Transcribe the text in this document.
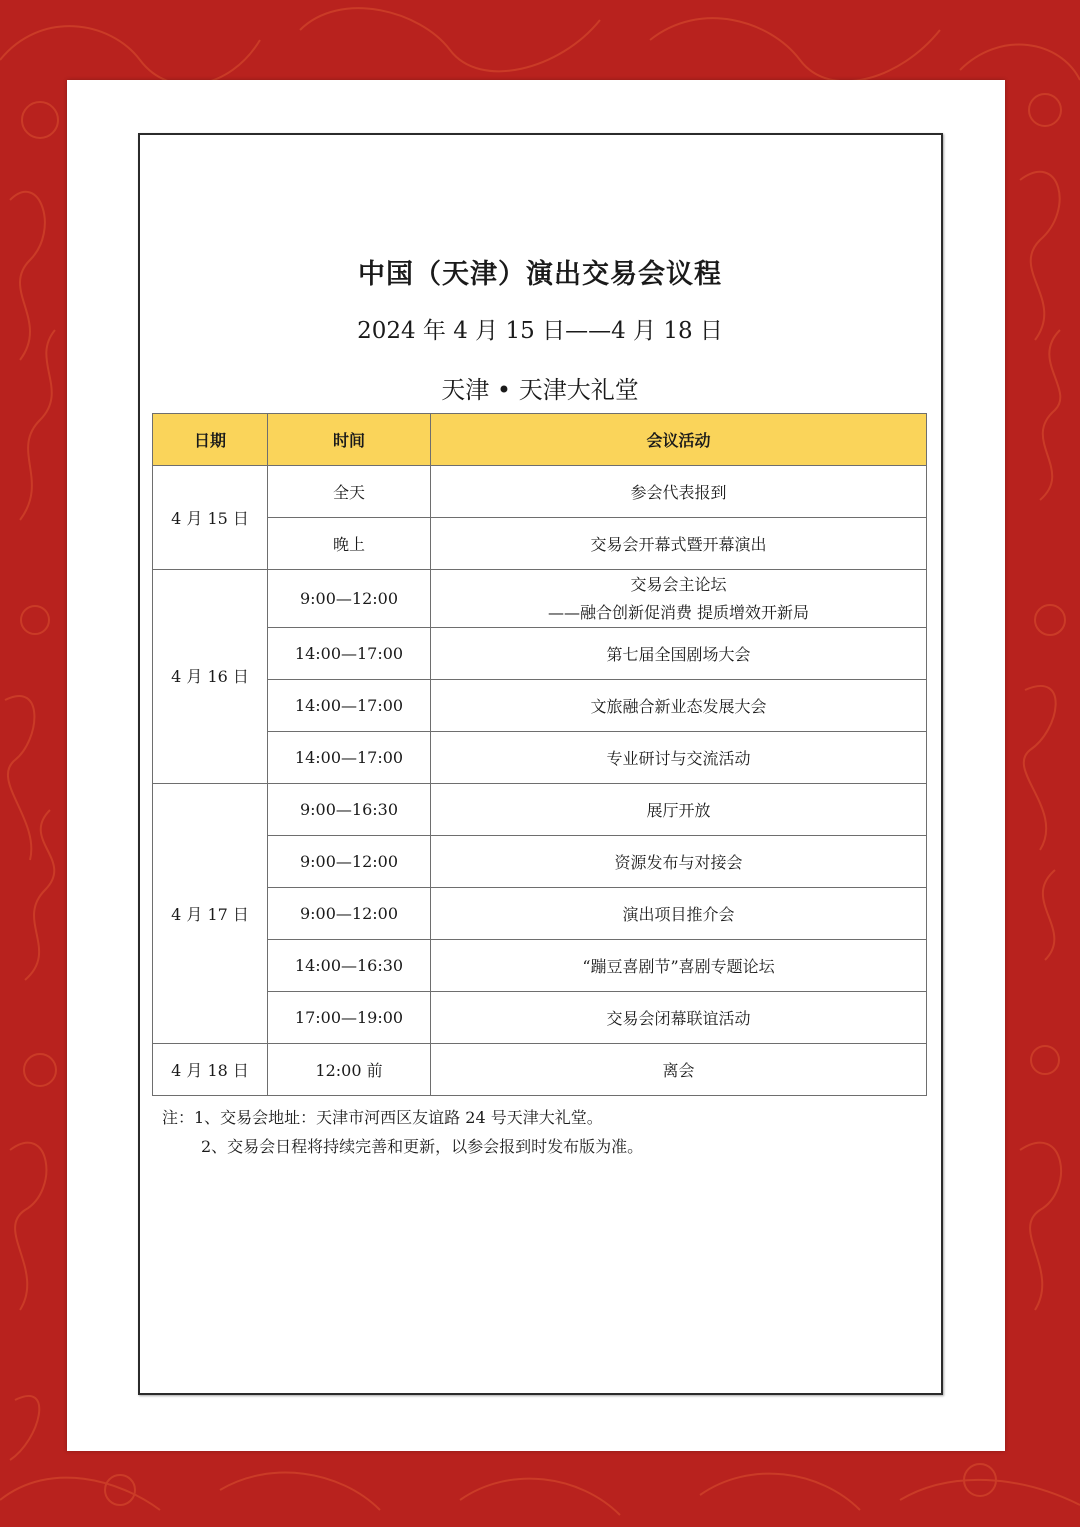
中国（天津）演出交易会议程
2024 年 4 月 15 日——4 月 18 日
天津 • 天津大礼堂
日期	时间	会议活动
4 月 15 日	全天	参会代表报到
	晚上	交易会开幕式暨开幕演出
4 月 16 日	9:00—12:00	交易会主论坛
——融合创新促消费 提质增效开新局

	14:00—17:00	第七届全国剧场大会
	14:00—17:00	文旅融合新业态发展大会
	14:00—17:00	专业研讨与交流活动
4 月 17 日	9:00—16:30	展厅开放
	9:00—12:00	资源发布与对接会
	9:00—12:00	演出项目推介会
	14:00—16:30	“蹦豆喜剧节”喜剧专题论坛
	17:00—19:00	交易会闭幕联谊活动
4 月 18 日	12:00 前	离会
注：1、交易会地址：天津市河西区友谊路 24 号天津大礼堂。
2、交易会日程将持续完善和更新，以参会报到时发布版为准。
